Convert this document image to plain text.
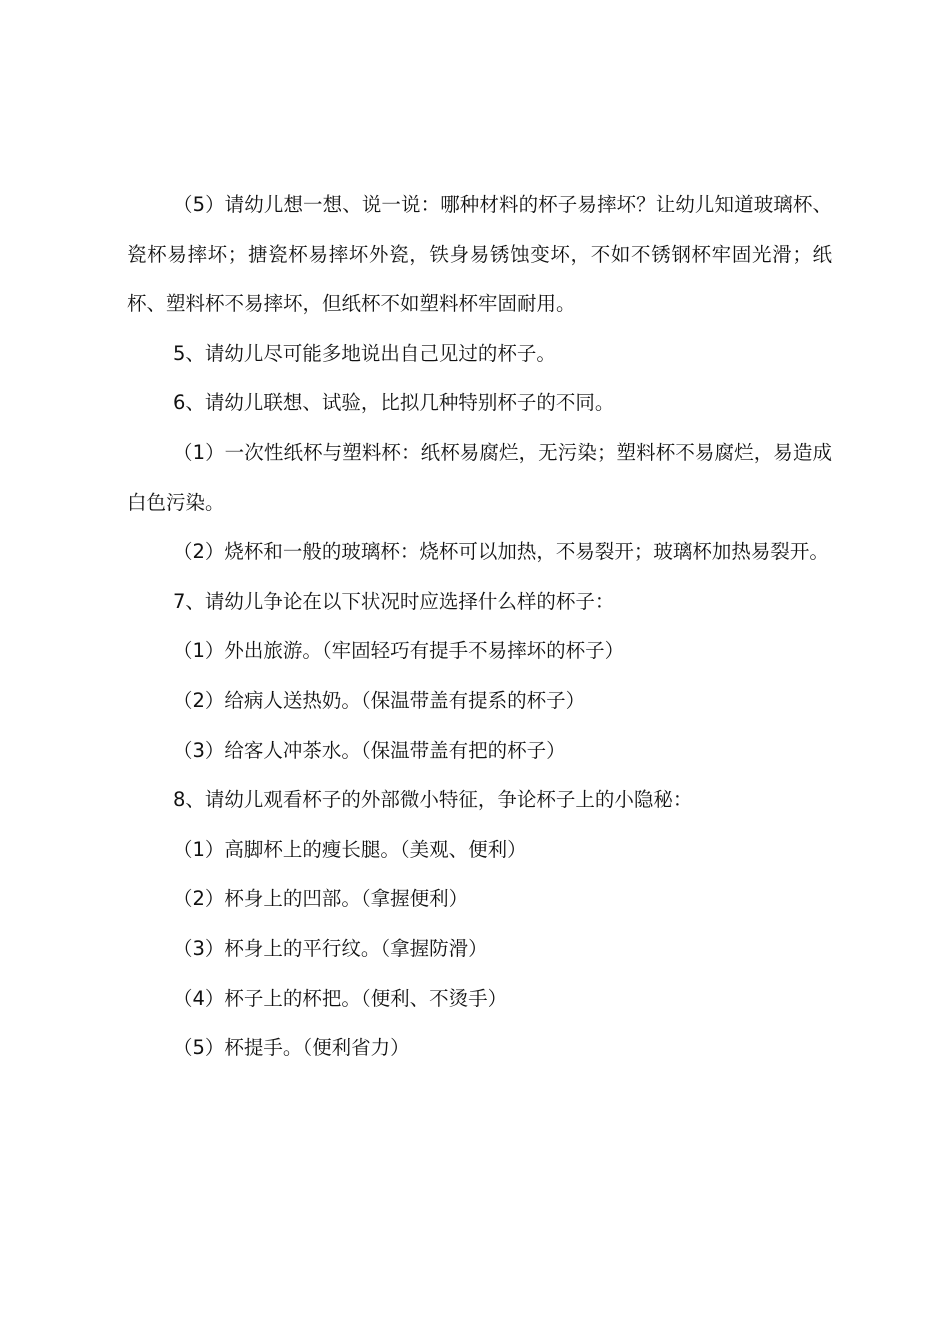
（5）请幼儿想一想、说一说：哪种材料的杯子易摔坏？让幼儿知道玻璃杯、瓷杯易摔坏；搪瓷杯易摔坏外瓷，铁身易锈蚀变坏，不如不锈钢杯牢固光滑；纸杯、塑料杯不易摔坏，但纸杯不如塑料杯牢固耐用。

5、请幼儿尽可能多地说出自己见过的杯子。

6、请幼儿联想、试验，比拟几种特别杯子的不同。

（1）一次性纸杯与塑料杯：纸杯易腐烂，无污染；塑料杯不易腐烂，易造成白色污染。

（2）烧杯和一般的玻璃杯：烧杯可以加热，不易裂开；玻璃杯加热易裂开。

7、请幼儿争论在以下状况时应选择什么样的杯子：

（1）外出旅游。（牢固轻巧有提手不易摔坏的杯子）

（2）给病人送热奶。（保温带盖有提系的杯子）

（3）给客人冲茶水。（保温带盖有把的杯子）

8、请幼儿观看杯子的外部微小特征，争论杯子上的小隐秘：

（1）高脚杯上的瘦长腿。（美观、便利）

（2）杯身上的凹部。（拿握便利）

（3）杯身上的平行纹。（拿握防滑）

（4）杯子上的杯把。（便利、不烫手）

（5）杯提手。（便利省力）
